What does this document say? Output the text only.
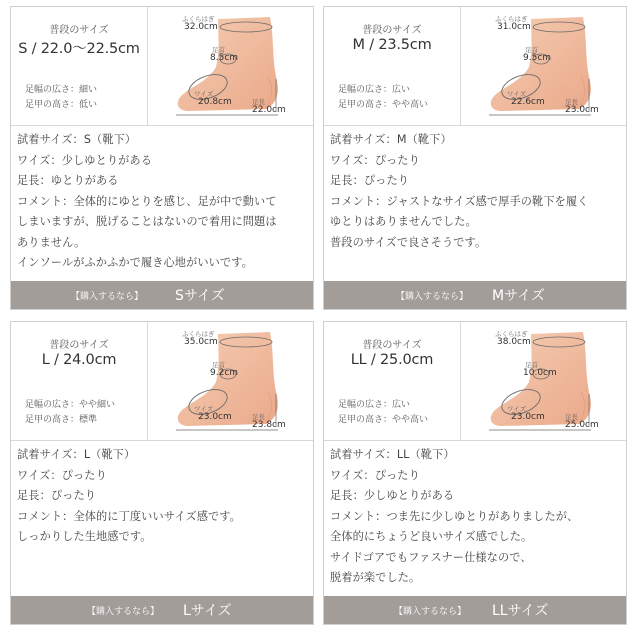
普段のサイズ
S / 22.0〜22.5cm
足幅の広さ：細い
足甲の高さ：低い
ふくらはぎ
32.0cm
足首
8.5cm
ワイズ
20.8cm	足長
22.0cm
試着サイズ：S（靴下）
ワイズ：少しゆとりがある
足長：ゆとりがある
コメント：全体的にゆとりを感じ、足が中で動いて
しまいますが、脱げることはないので着用に問題は
ありません。
インソールがふかふかで履き心地がいいです。
【購入するなら】 Sサイズ
普段のサイズ
M / 23.5cm
足幅の広さ：広い
足甲の高さ：やや高い
ふくらはぎ
31.0cm
足首
9.5cm
ワイズ
22.6cm	足長
23.0cm
試着サイズ：M（靴下）
ワイズ：ぴったり
足長：ぴったり
コメント：ジャストなサイズ感で厚手の靴下を履く
ゆとりはありませんでした。
普段のサイズで良さそうです。
【購入するなら】 Mサイズ
普段のサイズ
L / 24.0cm
足幅の広さ：やや細い
足甲の高さ：標準
ふくらはぎ
35.0cm
足首
9.2cm
ワイズ
23.0cm	足長
23.8cm
試着サイズ：L（靴下）
ワイズ：ぴったり
足長：ぴったり
コメント：全体的に丁度いいサイズ感です。
しっかりした生地感です。
【購入するなら】 Lサイズ
普段のサイズ
LL / 25.0cm
足幅の広さ：広い
足甲の高さ：やや高い
ふくらはぎ
38.0cm
足首
10.0cm
ワイズ
23.0cm	足長
25.0cm
試着サイズ：LL（靴下）
ワイズ：ぴったり
足長：少しゆとりがある
コメント：つま先に少しゆとりがありましたが、
全体的にちょうど良いサイズ感でした。
サイドゴアでもファスナー仕様なので、
脱着が楽でした。
【購入するなら】 LLサイズ
